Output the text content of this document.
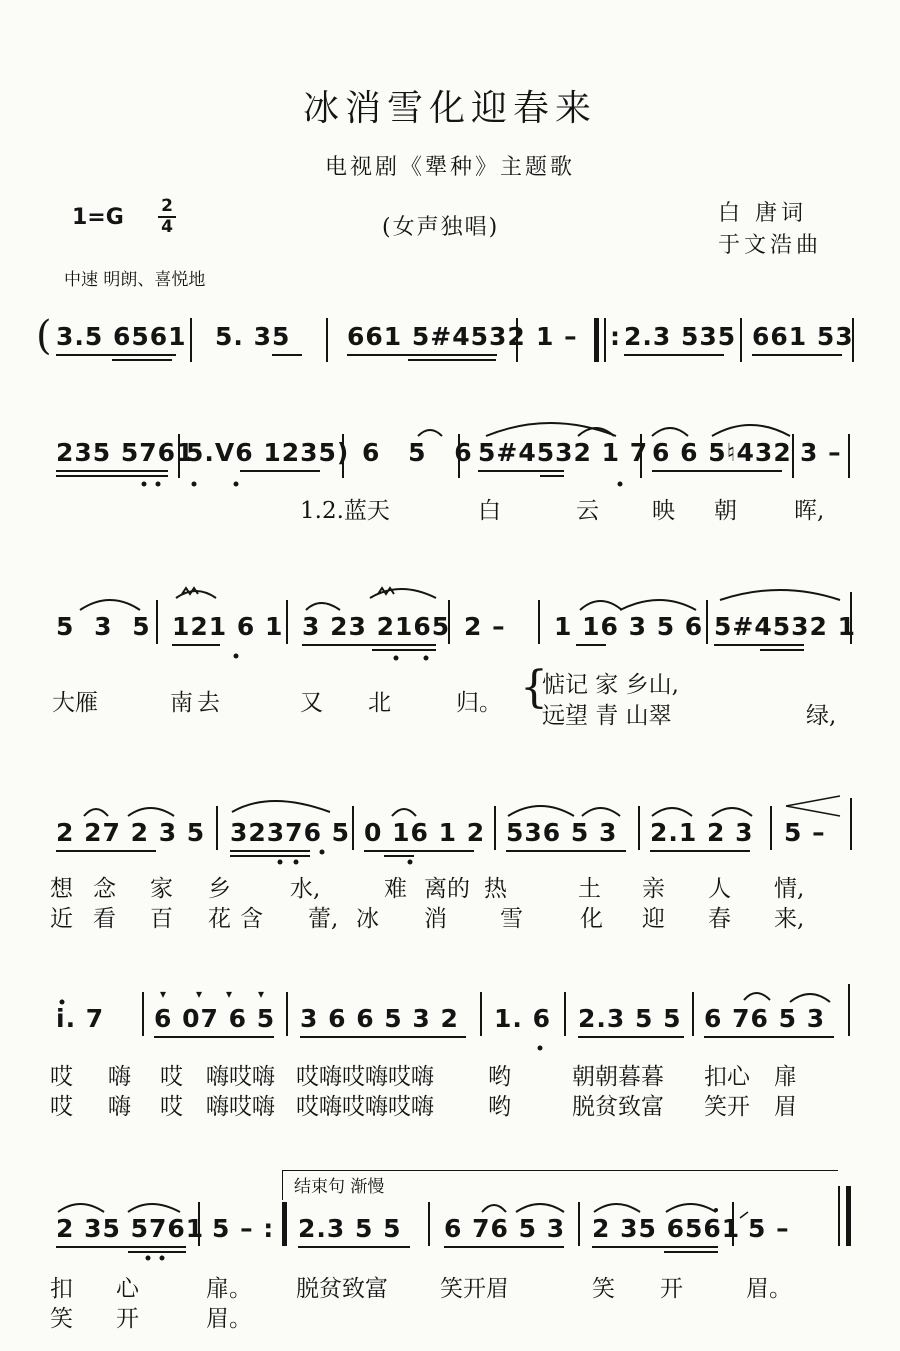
冰消雪化迎春来
电视剧《犟种》主题歌
1=G 2
4	(女声独唱)
白 唐词
于文浩曲
中速 明朗、喜悦地
( 3.5 6561 5. 35 661 5#4532 1 – : 2.3 535 661 53
235 5761
5.ᐯ6 1235) 6 5 6
5#4532 1 7 6 6 5♮432 3 –
1.2.蓝天	白	云 映 朝 晖,
5 3 5 121 6 1 3 23 2165 2 – 1 16 3 5 6 5#4532 1
大雁	南去	又 北	归。 {
惦记 家 乡山,
远望 青 山翠	绿,
2 27 2 3 5 32376 5 0 16 1 2 536 5 3 2.1 2 3 5 –
想念 家 乡	水,	难 离的 热	土 亲 人 情,
近看 百 花 含 蕾, 冰 消 雪 化 迎 春 来,
i. 7 6 07 6 5 3 6 6 5 3 2 1. 6 2.3 5 5 6 76 5 3
哎 嗨 哎 嗨哎嗨 哎嗨哎嗨哎嗨 哟	朝朝暮暮 扣心 扉
哎 嗨 哎 嗨哎嗨 哎嗨哎嗨哎嗨 哟	脱贫致富 笑开 眉
结束句 渐慢
2 35 5761 5 – : 2.3 5 5 6 76 5 3 2 35 6561 5 –
扣 心	扉。 脱贫致富 笑开眉	笑 开	眉。
笑 开	眉。
▾ ▾ ▾ ▾
